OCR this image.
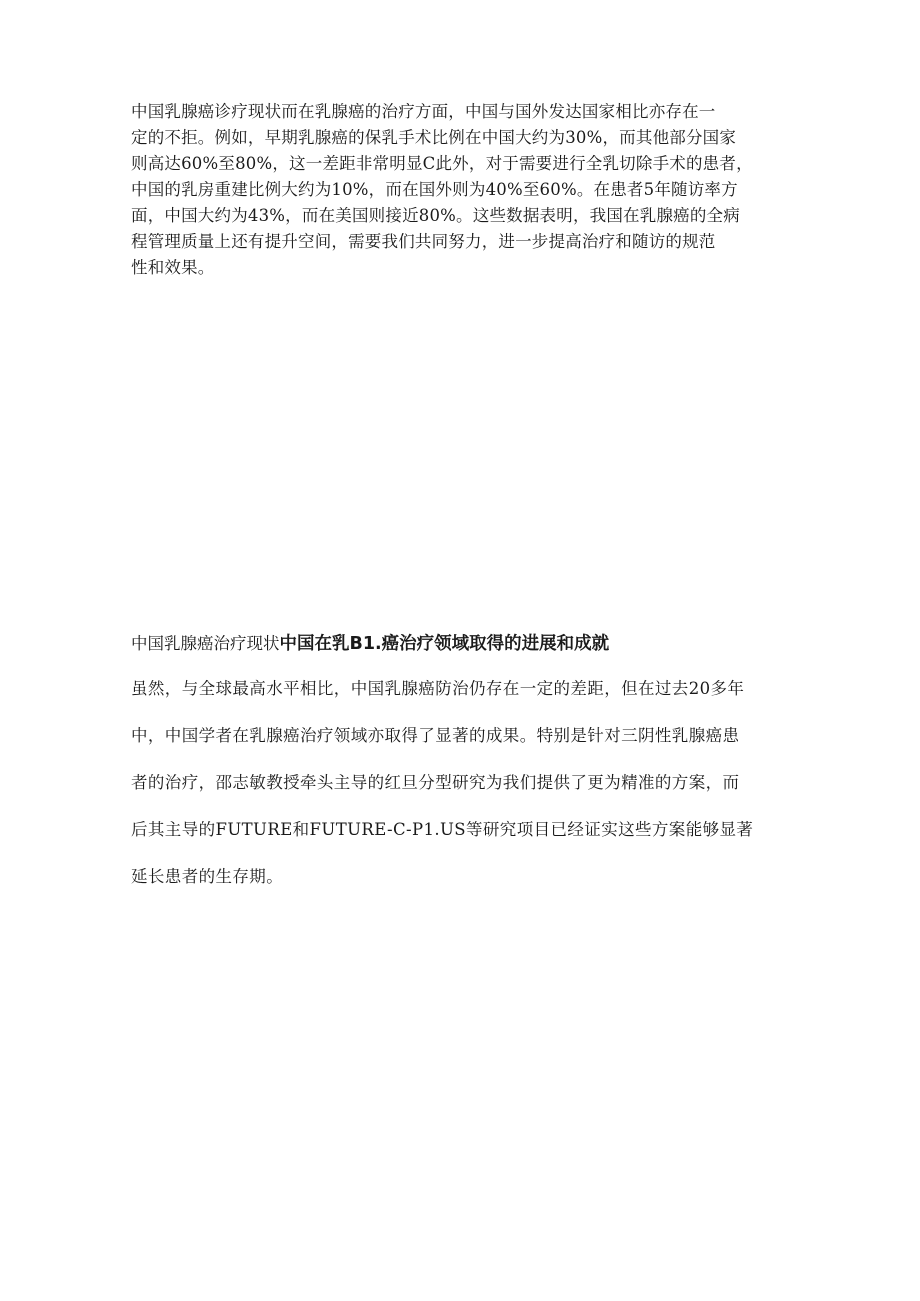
中国乳腺癌诊疗现状而在乳腺癌的治疗方面，中国与国外发达国家相比亦存在一
定的不拒。例如，早期乳腺癌的保乳手术比例在中国大约为30%，而其他部分国家
则高达60%至80%，这一差距非常明显C此外，对于需要进行全乳切除手术的患者，
中国的乳房重建比例大约为10%，而在国外则为40%至60%。在患者5年随访率方
面，中国大约为43%，而在美国则接近80%。这些数据表明，我国在乳腺癌的全病
程管理质量上还有提升空间，需要我们共同努力，进一步提高治疗和随访的规范
性和效果。
中国乳腺癌治疗现状中国在乳B1.癌治疗领域取得的进展和成就
虽然，与全球最高水平相比，中国乳腺癌防治仍存在一定的差距，但在过去20多年
中，中国学者在乳腺癌治疗领域亦取得了显著的成果。特别是针对三阴性乳腺癌患
者的治疗，邵志敏教授牵头主导的红旦分型研究为我们提供了更为精准的方案，而
后其主导的FUTURE和FUTURE-C-P1.US等研究项目已经证实这些方案能够显著
延长患者的生存期。
